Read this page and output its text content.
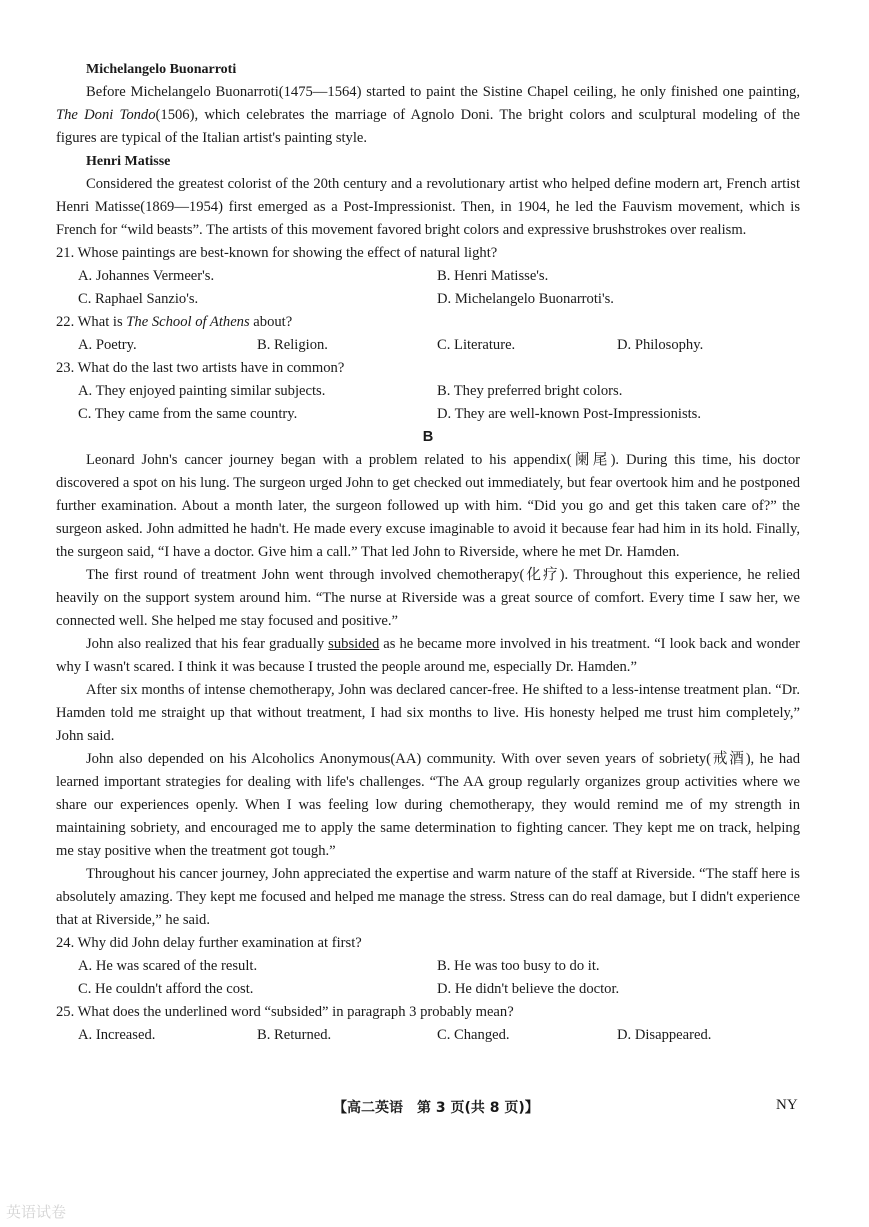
Michelangelo Buonarroti

Before Michelangelo Buonarroti(1475—1564) started to paint the Sistine Chapel ceiling, he only finished one painting, The Doni Tondo(1506), which celebrates the marriage of Agnolo Doni. The bright colors and sculptural modeling of the figures are typical of the Italian artist's painting style.

Henri Matisse

Considered the greatest colorist of the 20th century and a revolutionary artist who helped define modern art, French artist Henri Matisse(1869—1954) first emerged as a Post-Impressionist. Then, in 1904, he led the Fauvism movement, which is French for “wild beasts”. The artists of this movement favored bright colors and expressive brushstrokes over realism.

21. Whose paintings are best-known for showing the effect of natural light?

A. Johannes Vermeer's.	B. Henri Matisse's.
C. Raphael Sanzio's.	D. Michelangelo Buonarroti's.

22. What is The School of Athens about?

A. Poetry.	B. Religion.	C. Literature.	D. Philosophy.

23. What do the last two artists have in common?

A. They enjoyed painting similar subjects.	B. They preferred bright colors.
C. They came from the same country.	D. They are well-known Post-Impressionists.

B

Leonard John's cancer journey began with a problem related to his appendix(阑尾). During this time, his doctor discovered a spot on his lung. The surgeon urged John to get checked out immediately, but fear overtook him and he postponed further examination. About a month later, the surgeon followed up with him. “Did you go and get this taken care of?” the surgeon asked. John admitted he hadn't. He made every excuse imaginable to avoid it because fear had him in its hold. Finally, the surgeon said, “I have a doctor. Give him a call.” That led John to Riverside, where he met Dr. Hamden.

The first round of treatment John went through involved chemotherapy(化疗). Throughout this experience, he relied heavily on the support system around him. “The nurse at Riverside was a great source of comfort. Every time I saw her, we connected well. She helped me stay focused and positive.”

John also realized that his fear gradually subsided as he became more involved in his treatment. “I look back and wonder why I wasn't scared. I think it was because I trusted the people around me, especially Dr. Hamden.”

After six months of intense chemotherapy, John was declared cancer-free. He shifted to a less-intense treatment plan. “Dr. Hamden told me straight up that without treatment, I had six months to live. His honesty helped me trust him completely,” John said.

John also depended on his Alcoholics Anonymous(AA) community. With over seven years of sobriety(戒酒), he had learned important strategies for dealing with life's challenges. “The AA group regularly organizes group activities where we share our experiences openly. When I was feeling low during chemotherapy, they would remind me of my strength in maintaining sobriety, and encouraged me to apply the same determination to fighting cancer. They kept me on track, helping me stay positive when the treatment got tough.”

Throughout his cancer journey, John appreciated the expertise and warm nature of the staff at Riverside. “The staff here is absolutely amazing. They kept me focused and helped me manage the stress. Stress can do real damage, but I didn't experience that at Riverside,” he said.

24. Why did John delay further examination at first?

A. He was scared of the result.	B. He was too busy to do it.
C. He couldn't afford the cost.	D. He didn't believe the doctor.

25. What does the underlined word “subsided” in paragraph 3 probably mean?

A. Increased.	B. Returned.	C. Changed.	D. Disappeared.
【高二英语　第 3 页(共 8 页)】	NY
英语试卷
